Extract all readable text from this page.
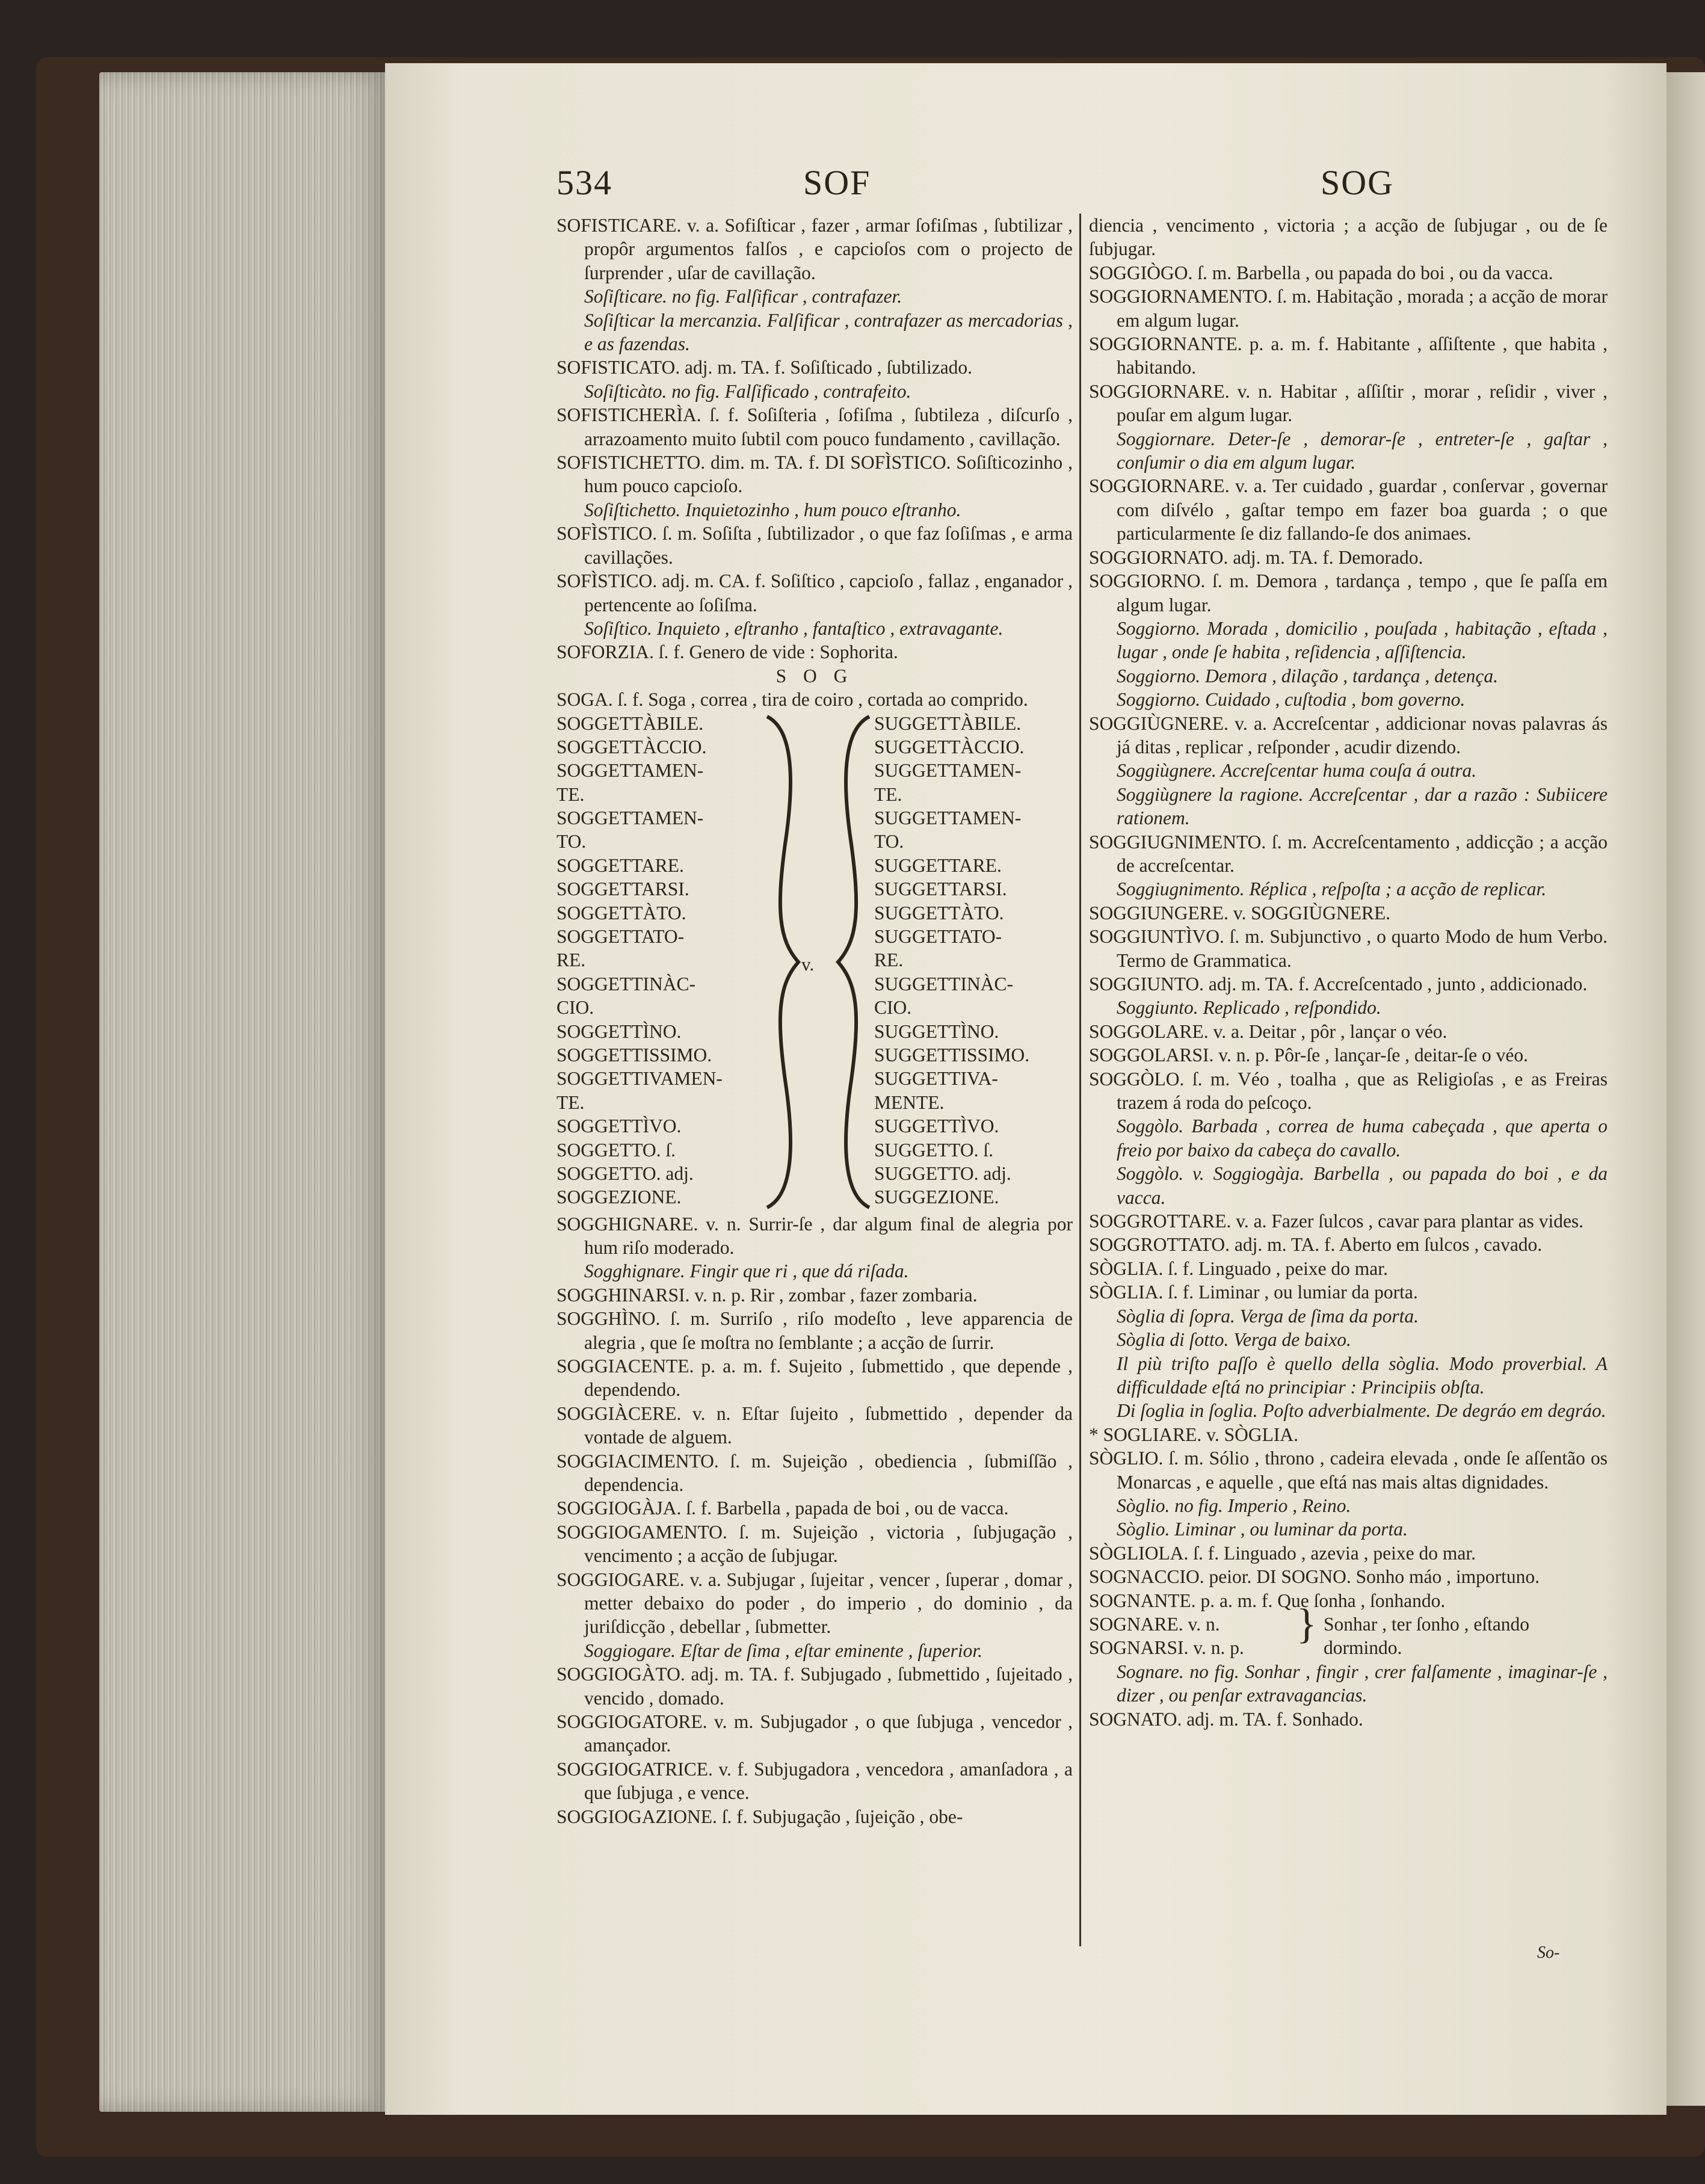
534	SOF	SOG

SOFISTICARE. v. a. Sofiſticar , fazer , armar ſofiſmas , ſubtilizar , propôr argumentos falſos , e capcioſos com o projecto de ſurprender , uſar de cavillação.

Soſiſticare. no fig. Falſificar , contrafazer.

Soſiſticar la mercanzia. Falſificar , contrafazer as mercadorias , e as fazendas.

SOFISTICATO. adj. m. TA. f. Soſiſticado , ſubtilizado.

Soſiſticàto. no fig. Falſificado , contrafeito.

SOFISTICHERÌA. ſ. f. Soſiſteria , ſofiſma , ſubtileza , diſcurſo , arrazoamento muito ſubtil com pouco fundamento , cavillação.

SOFISTICHETTO. dim. m. TA. f. DI SOFÌSTICO. Soſiſticozinho , hum pouco capcioſo.

Soſiſtichetto. Inquietozinho , hum pouco eſtranho.

SOFÌSTICO. ſ. m. Soſiſta , ſubtilizador , o que faz ſoſiſmas , e arma cavillações.

SOFÌSTICO. adj. m. CA. f. Soſiſtico , capcioſo , fallaz , enganador , pertencente ao ſoſiſma.

Soſiſtico. Inquieto , eſtranho , fantaſtico , extravagante.

SOFORZIA. ſ. f. Genero de vide : Sophorita.

S O G

SOGA. ſ. f. Soga , correa , tira de coiro , cortada ao comprido.

SOGGETTÀBILE.
SOGGETTÀCCIO.
SOGGETTAMEN-
TE.
SOGGETTAMEN-
TO.
SOGGETTARE.
SOGGETTARSI.
SOGGETTÀTO.
SOGGETTATO-
RE.
SOGGETTINÀC-
CIO.
SOGGETTÌNO.
SOGGETTISSIMO.
SOGGETTIVAMEN-
TE.
SOGGETTÌVO.
SOGGETTO. ſ.
SOGGETTO. adj.
SOGGEZIONE.
v.
SUGGETTÀBILE.
SUGGETTÀCCIO.
SUGGETTAMEN-
TE.
SUGGETTAMEN-
TO.
SUGGETTARE.
SUGGETTARSI.
SUGGETTÀTO.
SUGGETTATO-
RE.
SUGGETTINÀC-
CIO.
SUGGETTÌNO.
SUGGETTISSIMO.
SUGGETTIVA-
MENTE.
SUGGETTÌVO.
SUGGETTO. ſ.
SUGGETTO. adj.
SUGGEZIONE.

SOGGHIGNARE. v. n. Surrir-ſe , dar algum final de alegria por hum riſo moderado.

Sogghignare. Fingir que ri , que dá riſada.

SOGGHINARSI. v. n. p. Rir , zombar , fazer zombaria.

SOGGHÌNO. ſ. m. Surriſo , riſo modeſto , leve apparencia de alegria , que ſe moſtra no ſemblante ; a acção de ſurrir.

SOGGIACENTE. p. a. m. f. Sujeito , ſubmettido , que depende , dependendo.

SOGGIÀCERE. v. n. Eſtar ſujeito , ſubmettido , depender da vontade de alguem.

SOGGIACIMENTO. ſ. m. Sujeição , obediencia , ſubmiſſão , dependencia.

SOGGIOGÀJA. ſ. f. Barbella , papada de boi , ou de vacca.

SOGGIOGAMENTO. ſ. m. Sujeição , victoria , ſubjugação , vencimento ; a acção de ſubjugar.

SOGGIOGARE. v. a. Subjugar , ſujeitar , vencer , ſuperar , domar , metter debaixo do poder , do imperio , do dominio , da juriſdicção , debellar , ſubmetter.

Soggiogare. Eſtar de ſima , eſtar eminente , ſuperior.

SOGGIOGÀTO. adj. m. TA. f. Subjugado , ſubmettido , ſujeitado , vencido , domado.

SOGGIOGATORE. v. m. Subjugador , o que ſubjuga , vencedor , amançador.

SOGGIOGATRICE. v. f. Subjugadora , vencedora , amanſadora , a que ſubjuga , e vence.

SOGGIOGAZIONE. ſ. f. Subjugação , ſujeição , obe-

diencia , vencimento , victoria ; a acção de ſubjugar , ou de ſe ſubjugar.

SOGGIÒGO. ſ. m. Barbella , ou papada do boi , ou da vacca.

SOGGIORNAMENTO. ſ. m. Habitação , morada ; a acção de morar em algum lugar.

SOGGIORNANTE. p. a. m. f. Habitante , aſſiſtente , que habita , habitando.

SOGGIORNARE. v. n. Habitar , aſſiſtir , morar , reſidir , viver , pouſar em algum lugar.

Soggiornare. Deter-ſe , demorar-ſe , entreter-ſe , gaſtar , conſumir o dia em algum lugar.

SOGGIORNARE. v. a. Ter cuidado , guardar , conſervar , governar com diſvélo , gaſtar tempo em fazer boa guarda ; o que particularmente ſe diz fallando-ſe dos animaes.

SOGGIORNATO. adj. m. TA. f. Demorado.

SOGGIORNO. ſ. m. Demora , tardança , tempo , que ſe paſſa em algum lugar.

Soggiorno. Morada , domicilio , pouſada , habitação , eſtada , lugar , onde ſe habita , reſidencia , aſſiſtencia.

Soggiorno. Demora , dilação , tardança , detença.

Soggiorno. Cuidado , cuſtodia , bom governo.

SOGGIÙGNERE. v. a. Accreſcentar , addicionar novas palavras ás já ditas , replicar , reſponder , acudir dizendo.

Soggiùgnere. Accreſcentar huma couſa á outra.

Soggiùgnere la ragione. Accreſcentar , dar a razão : Subiicere rationem.

SOGGIUGNIMENTO. ſ. m. Accreſcentamento , addicção ; a acção de accreſcentar.

Soggiugnimento. Réplica , reſpoſta ; a acção de replicar.

SOGGIUNGERE. v. SOGGIÙGNERE.

SOGGIUNTÌVO. ſ. m. Subjunctivo , o quarto Modo de hum Verbo. Termo de Grammatica.

SOGGIUNTO. adj. m. TA. f. Accreſcentado , junto , addicionado.

Soggiunto. Replicado , reſpondido.

SOGGOLARE. v. a. Deitar , pôr , lançar o véo.

SOGGOLARSI. v. n. p. Pôr-ſe , lançar-ſe , deitar-ſe o véo.

SOGGÒLO. ſ. m. Véo , toalha , que as Religioſas , e as Freiras trazem á roda do peſcoço.

Soggòlo. Barbada , correa de huma cabeçada , que aperta o freio por baixo da cabeça do cavallo.

Soggòlo. v. Soggiogàja. Barbella , ou papada do boi , e da vacca.

SOGGROTTARE. v. a. Fazer ſulcos , cavar para plantar as vides.

SOGGROTTATO. adj. m. TA. f. Aberto em ſulcos , cavado.

SÒGLIA. ſ. f. Linguado , peixe do mar.

SÒGLIA. ſ. f. Liminar , ou lumiar da porta.

Sòglia di ſopra. Verga de ſima da porta.

Sòglia di ſotto. Verga de baixo.

Il più triſto paſſo è quello della sòglia. Modo proverbial. A difficuldade eſtá no principiar : Principiis obſta.

Di ſoglia in ſoglia. Poſto adverbialmente. De degráo em degráo.

* SOGLIARE. v. SÒGLIA.

SÒGLIO. ſ. m. Sólio , throno , cadeira elevada , onde ſe aſſentão os Monarcas , e aquelle , que eſtá nas mais altas dignidades.

Sòglio. no fig. Imperio , Reino.

Sòglio. Liminar , ou luminar da porta.

SÒGLIOLA. ſ. f. Linguado , azevia , peixe do mar.

SOGNACCIO. peior. DI SOGNO. Sonho máo , importuno.

SOGNANTE. p. a. m. f. Que ſonha , ſonhando.

SOGNARE. v. n.
SOGNARSI. v. n. p.
} Sonhar , ter ſonho , eſtando
dormindo.

Sognare. no fig. Sonhar , fingir , crer falſamente , imaginar-ſe , dizer , ou penſar extravagancias.

SOGNATO. adj. m. TA. f. Sonhado.

So-
